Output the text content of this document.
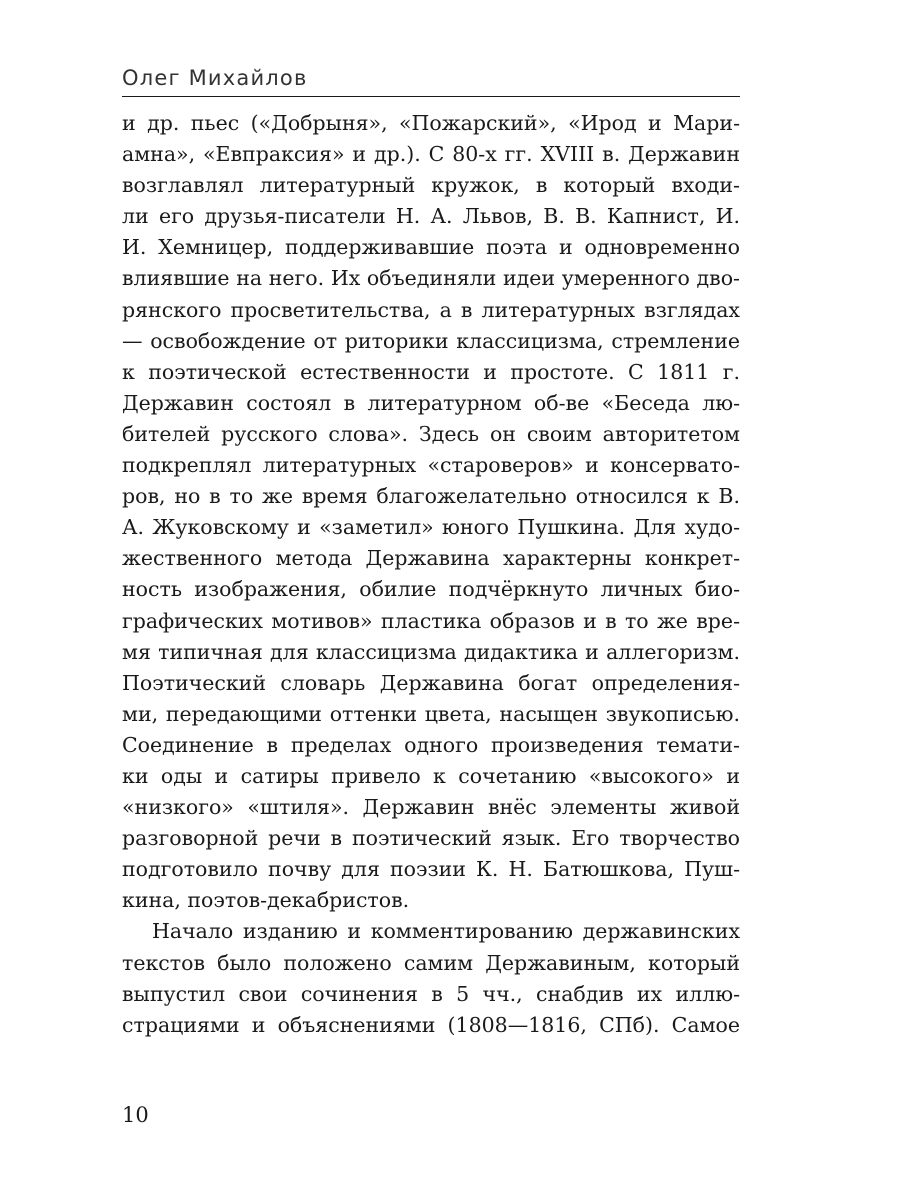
Олег Михайлов
и др. пьес («Добрыня», «Пожарский», «Ирод и Мари-
амна», «Евпраксия» и др.). С 80-х гг. XVIII в. Державин
возглавлял литературный кружок, в который входи-
ли его друзья-писатели Н. А. Львов, В. В. Капнист, И.
И. Хемницер, поддерживавшие поэта и одновременно
влиявшие на него. Их объединяли идеи умеренного дво-
рянского просветительства, а в литературных взглядах
— освобождение от риторики классицизма, стремление
к поэтической естественности и простоте. С 1811 г.
Державин состоял в литературном об-ве «Беседа лю-
бителей русского слова». Здесь он своим авторитетом
подкреплял литературных «староверов» и консервато-
ров, но в то же время благожелательно относился к В.
А. Жуковскому и «заметил» юного Пушкина. Для худо-
жественного метода Державина характерны конкрет-
ность изображения, обилие подчёркнуто личных био-
графических мотивов» пластика образов и в то же вре-
мя типичная для классицизма дидактика и аллегоризм.
Поэтический словарь Державина богат определения-
ми, передающими оттенки цвета, насыщен звукописью.
Соединение в пределах одного произведения темати-
ки оды и сатиры привело к сочетанию «высокого» и
«низкого» «штиля». Державин внёс элементы живой
разговорной речи в поэтический язык. Его творчество
подготовило почву для поэзии К. Н. Батюшкова, Пуш-
кина, поэтов-декабристов.
Начало изданию и комментированию державинских
текстов было положено самим Державиным, который
выпустил свои сочинения в 5 чч., снабдив их иллю-
страциями и объяснениями (1808—1816, СПб). Самое
10
